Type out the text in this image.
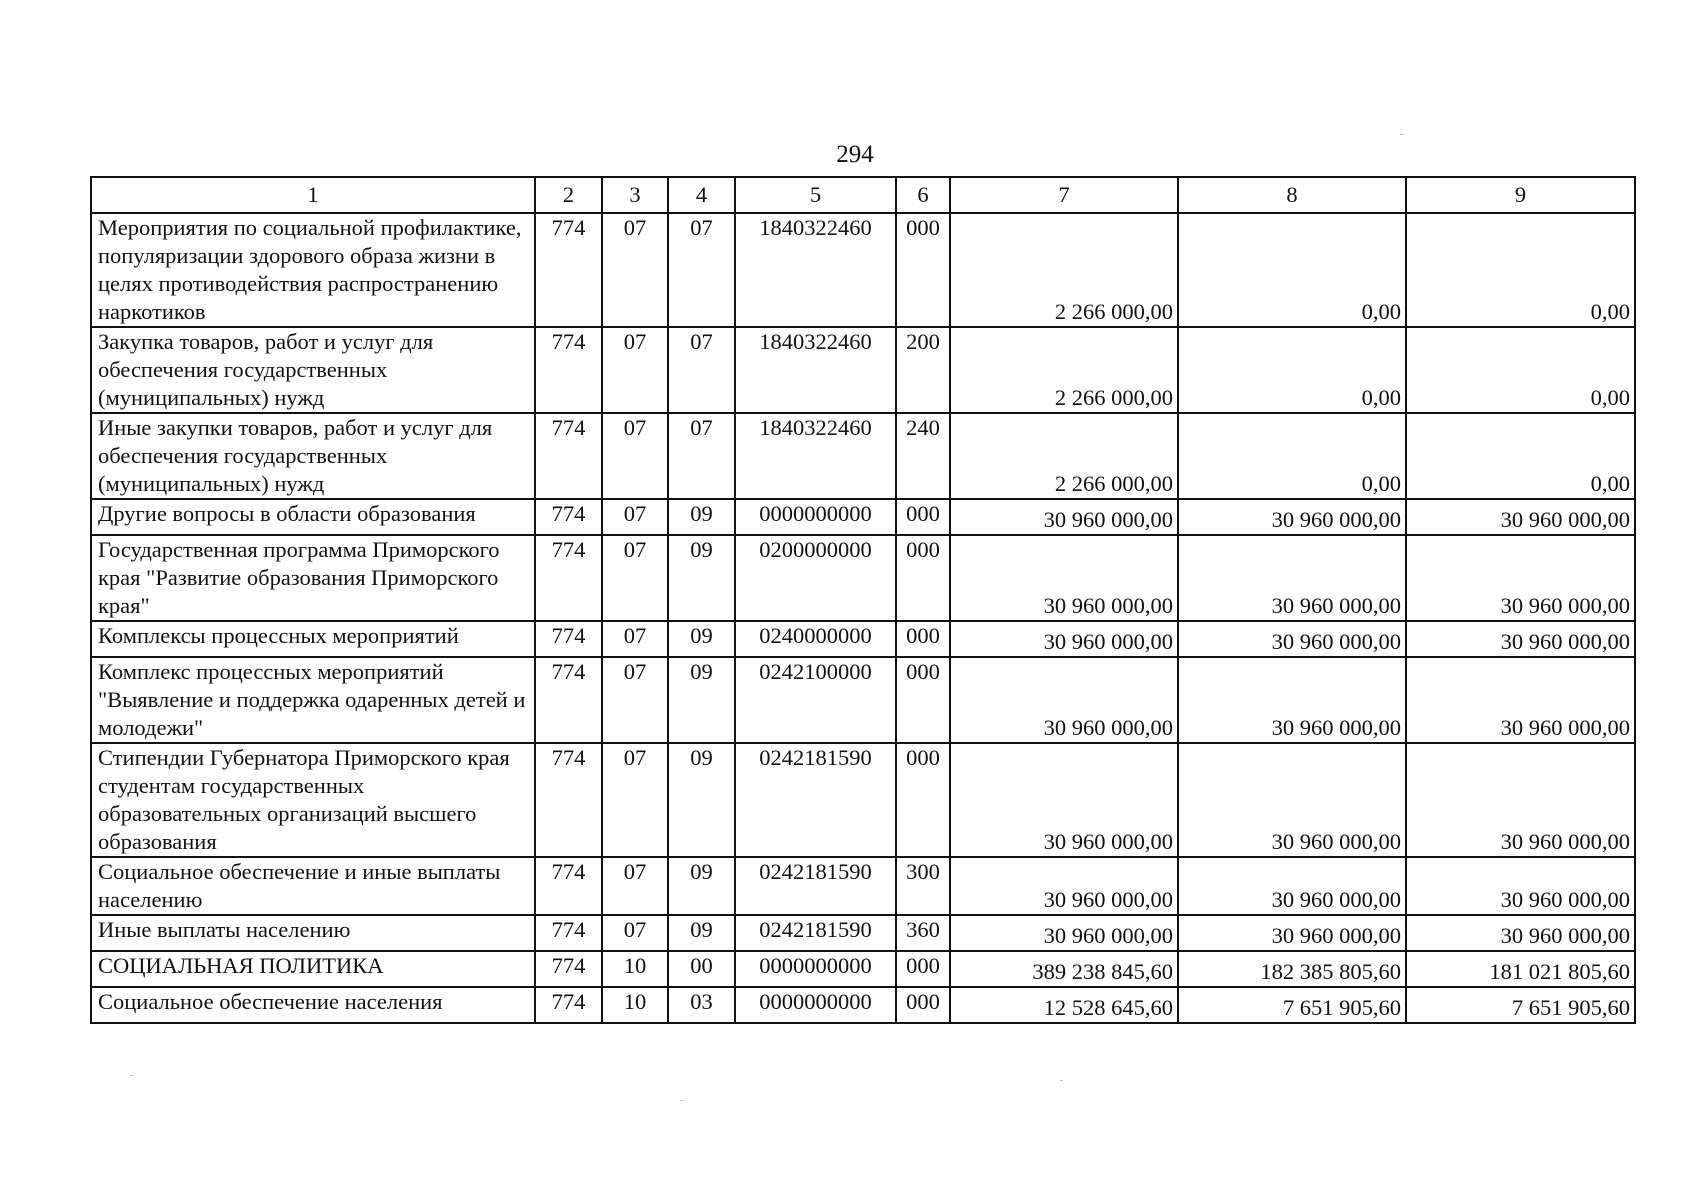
294
1	2	3	4	5	6	7	8	9
Мероприятия по социальной профилактике, популяризации здорового образа жизни в целях противодействия распространению наркотиков	774	07	07	1840322460	000	2 266 000,00	0,00	0,00
Закупка товаров, работ и услуг для обеспечения государственных (муниципальных) нужд	774	07	07	1840322460	200	2 266 000,00	0,00	0,00
Иные закупки товаров, работ и услуг для обеспечения государственных (муниципальных) нужд	774	07	07	1840322460	240	2 266 000,00	0,00	0,00
Другие вопросы в области образования	774	07	09	0000000000	000	30 960 000,00	30 960 000,00	30 960 000,00
Государственная программа Приморского края "Развитие образования Приморского края"	774	07	09	0200000000	000	30 960 000,00	30 960 000,00	30 960 000,00
Комплексы процессных мероприятий	774	07	09	0240000000	000	30 960 000,00	30 960 000,00	30 960 000,00
Комплекс процессных мероприятий "Выявление и поддержка одаренных детей и молодежи"	774	07	09	0242100000	000	30 960 000,00	30 960 000,00	30 960 000,00
Стипендии Губернатора Приморского края студентам государственных образовательных организаций высшего образования	774	07	09	0242181590	000	30 960 000,00	30 960 000,00	30 960 000,00
Социальное обеспечение и иные выплаты населению	774	07	09	0242181590	300	30 960 000,00	30 960 000,00	30 960 000,00
Иные выплаты населению	774	07	09	0242181590	360	30 960 000,00	30 960 000,00	30 960 000,00
СОЦИАЛЬНАЯ ПОЛИТИКА	774	10	00	0000000000	000	389 238 845,60	182 385 805,60	181 021 805,60
Социальное обеспечение населения	774	10	03	0000000000	000	12 528 645,60	7 651 905,60	7 651 905,60
